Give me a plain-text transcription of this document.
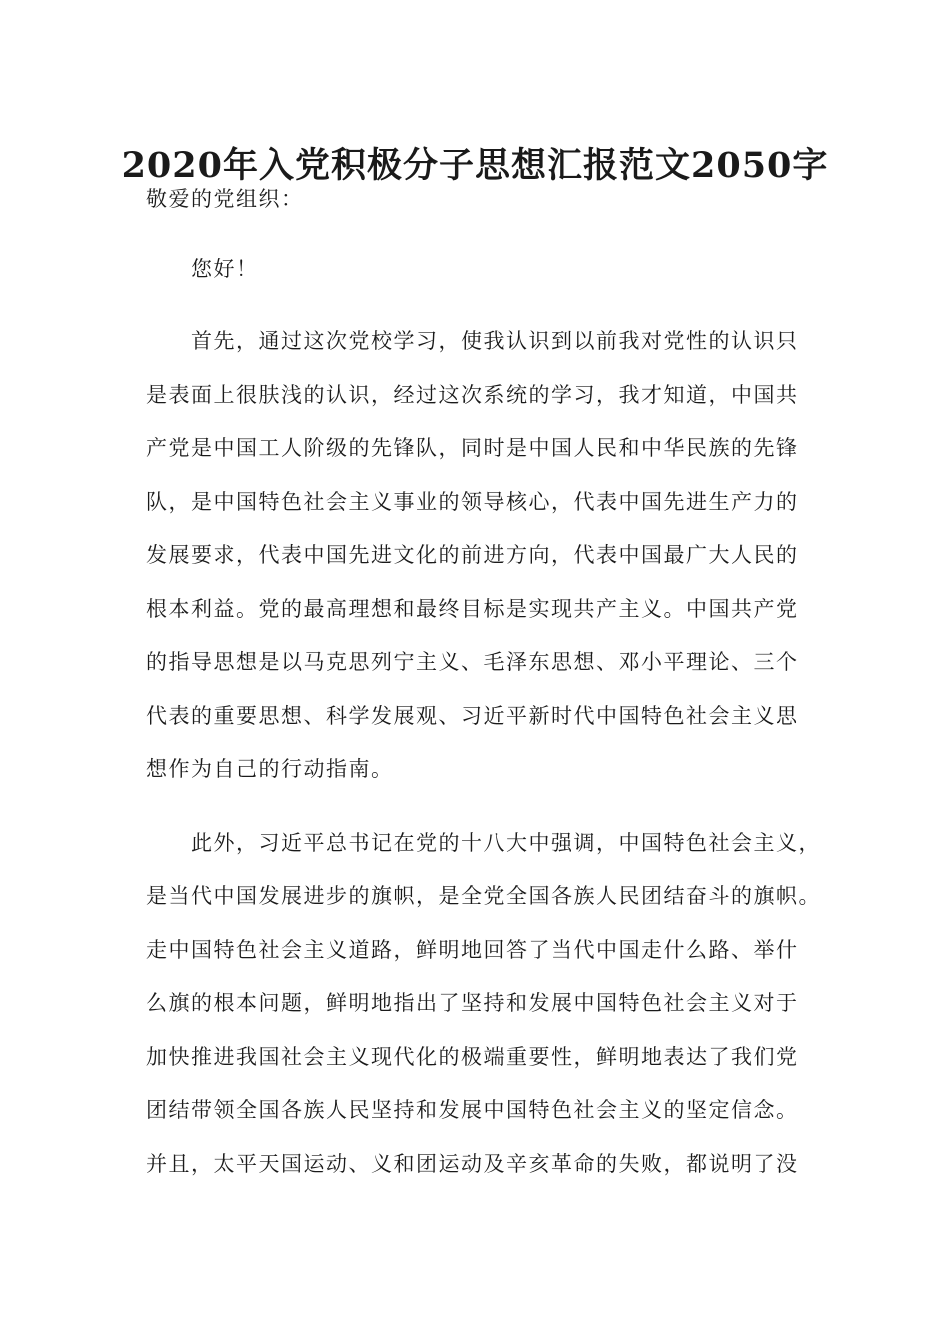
2020年入党积极分子思想汇报范文2050字
敬爱的党组织：
　　您好！
　　首先，通过这次党校学习，使我认识到以前我对党性的认识只
是表面上很肤浅的认识，经过这次系统的学习，我才知道，中国共
产党是中国工人阶级的先锋队，同时是中国人民和中华民族的先锋
队，是中国特色社会主义事业的领导核心，代表中国先进生产力的
发展要求，代表中国先进文化的前进方向，代表中国最广大人民的
根本利益。党的最高理想和最终目标是实现共产主义。中国共产党
的指导思想是以马克思列宁主义、毛泽东思想、邓小平理论、三个
代表的重要思想、科学发展观、习近平新时代中国特色社会主义思
想作为自己的行动指南。
　　此外，习近平总书记在党的十八大中强调，中国特色社会主义，
是当代中国发展进步的旗帜，是全党全国各族人民团结奋斗的旗帜。
走中国特色社会主义道路，鲜明地回答了当代中国走什么路、举什
么旗的根本问题，鲜明地指出了坚持和发展中国特色社会主义对于
加快推进我国社会主义现代化的极端重要性，鲜明地表达了我们党
团结带领全国各族人民坚持和发展中国特色社会主义的坚定信念。
并且，太平天国运动、义和团运动及辛亥革命的失败，都说明了没
